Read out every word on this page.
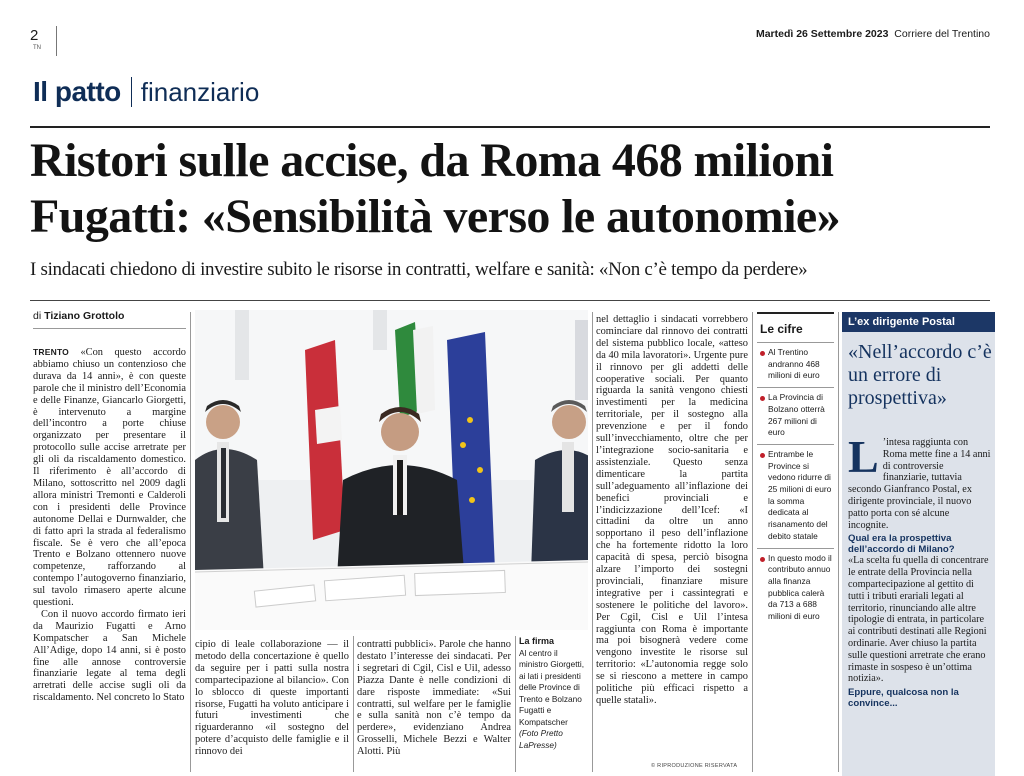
2
TN
Martedì 26 Settembre 2023 Corriere del Trentino
Il patto finanziario
Ristori sulle accise, da Roma 468 milioni
Fugatti: «Sensibilità verso le autonomie»
I sindacati chiedono di investire subito le risorse in contratti, welfare e sanità: «Non c’è tempo da perdere»
di Tiziano Grottolo

TRENTO «Con questo accordo abbiamo chiuso un contenzioso che durava da 14 anni», è con queste parole che il ministro dell’Economia e delle Finanze, Giancarlo Giorgetti, è intervenuto a margine dell’incontro a porte chiuse organizzato per presentare il protocollo sulle accise arretrate per gli oli da riscaldamento domestico. Il riferimento è all’accordo di Milano, sottoscritto nel 2009 dagli allora ministri Tremonti e Calderoli con i presidenti delle Province autonome Dellai e Durnwalder, che di fatto aprì la strada al federalismo fiscale. Se è vero che all’epoca Trento e Bolzano ottennero nuove competenze, rafforzando al contempo l’autogoverno finanziario, sul tavolo rimasero aperte alcune questioni.

Con il nuovo accordo firmato ieri da Maurizio Fugatti e Arno Kompatscher a San Michele All’Adige, dopo 14 anni, si è posto fine alle annose controversie finanziarie legate al tema degli arretrati delle accise sugli oli da riscaldamento. Nel concreto lo Stato

cipio di leale collaborazione — il metodo della concertazione è quello da seguire per i patti sulla nostra compartecipazione al bilancio». Con lo sblocco di queste importanti risorse, Fugatti ha voluto anticipare i futuri investimenti che riguarderanno «il sostegno del potere d’acquisto delle famiglie e il rinnovo dei

contratti pubblici». Parole che hanno destato l’interesse dei sindacati. Per i segretari di Cgil, Cisl e Uil, adesso Piazza Dante è nelle condizioni di dare risposte immediate: «Sui contratti, sul welfare per le famiglie e sulla sanità non c’è tempo da perdere», evidenziano Andrea Grosselli, Michele Bezzi e Walter Alotti. Più

nel dettaglio i sindacati vorrebbero cominciare dal rinnovo dei contratti del sistema pubblico locale, «atteso da 40 mila lavoratori». Urgente pure il rinnovo per gli addetti delle cooperative sociali. Per quanto riguarda la sanità vengono chiesti investimenti per la medicina territoriale, per il sostegno alla prevenzione e per il fondo sull’invecchiamento, oltre che per l’integrazione socio-sanitaria e assistenziale. Questo senza dimenticare la partita sull’adeguamento all’inflazione dei benefici provinciali e l’indicizzazione dell’Icef: «I cittadini da oltre un anno sopportano il peso dell’inflazione che ha fortemente ridotto la loro capacità di spesa, perciò bisogna alzare l’importo dei sostegni provinciali, finanziare misure integrative per i cassintegrati e sostenere le politiche del lavoro». Per Cgil, Cisl e Uil l’intesa raggiunta con Roma è importante ma poi bisognerà vedere come vengono investite le risorse sul territorio: «L’autonomia regge solo se si riescono a mettere in campo politiche più efficaci rispetto a quelle statali».

La firma
Al centro il ministro Giorgetti, ai lati i presidenti delle Province di Trento e Bolzano Fugatti e Kompatscher
(Foto Pretto LaPresse)
© RIPRODUZIONE RISERVATA
Le cifre
Al Trentino andranno 468 milioni di euro
La Provincia di Bolzano otterrà 267 milioni di euro
Entrambe le Province si vedono ridurre di 25 milioni di euro la somma dedicata al risanamento del debito statale
In questo modo il contributo annuo alla finanza pubblica calerà da 713 a 688 milioni di euro
L’ex dirigente Postal
«Nell’accordo c’è un errore di prospettiva»

L ’intesa raggiunta con Roma mette fine a 14 anni di controversie finanziarie, tuttavia secondo Gianfranco Postal, ex dirigente provinciale, il nuovo patto porta con sé alcune incognite.

Qual era la prospettiva dell’accordo di Milano?

«La scelta fu quella di concentrare le entrate della Provincia nella compartecipazione al gettito di tutti i tributi erariali legati al territorio, rinunciando alle altre tipologie di entrata, in particolare ai contributi destinati alle Regioni ordinarie. Aver chiuso la partita sulle questioni arretrate che erano rimaste in sospeso è un’ottima notizia».

Eppure, qualcosa non la convince...
